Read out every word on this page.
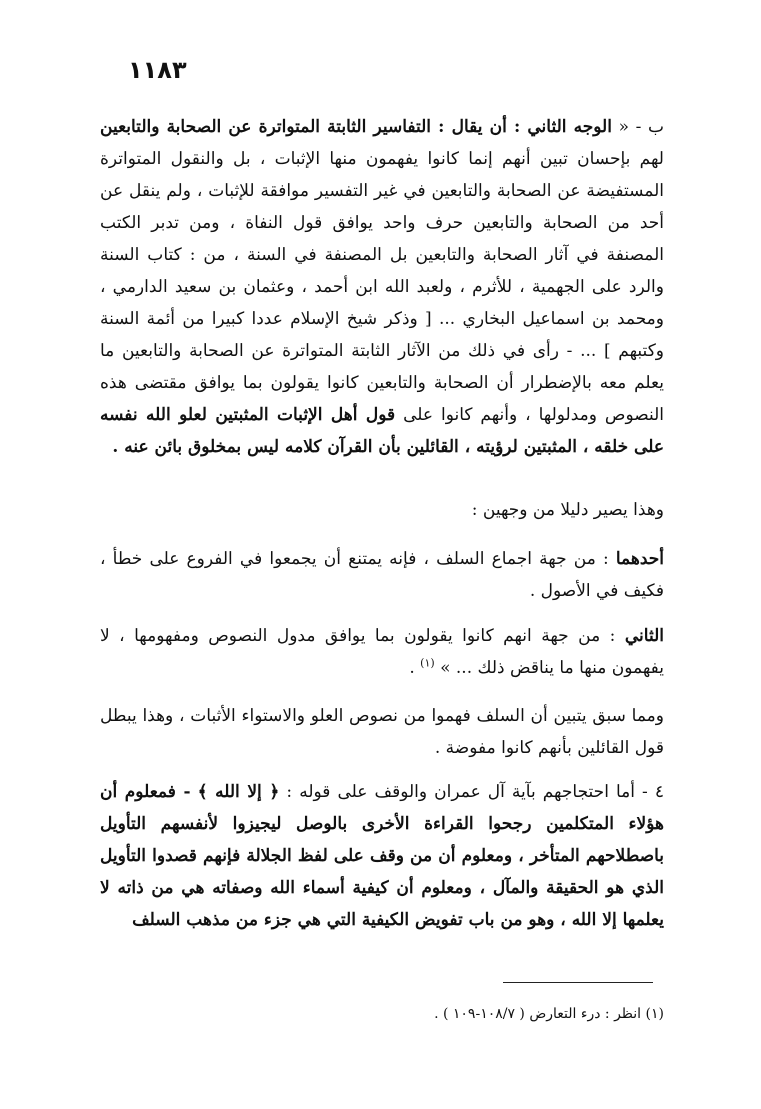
١١٨٣

ب - « الوجه الثاني : أن يقال : التفاسير الثابتة المتواترة عن الصحابة والتابعين لهم بإحسان تبين أنهم إنما كانوا يفهمون منها الإثبات ، بل والنقول المتواترة المستفيضة عن الصحابة والتابعين في غير التفسير موافقة للإثبات ، ولم ينقل عن أحد من الصحابة والتابعين حرف واحد يوافق قول النفاة ، ومن تدبر الكتب المصنفة في آثار الصحابة والتابعين بل المصنفة في السنة ، من : كتاب السنة والرد على الجهمية ، للأثرم ، ولعبد الله ابن أحمد ، وعثمان بن سعيد الدارمي ، ومحمد بن اسماعيل البخاري ... [ وذكر شيخ الإسلام عددا كبيرا من أئمة السنة وكتبهم ] ... - رأى في ذلك من الآثار الثابتة المتواترة عن الصحابة والتابعين ما يعلم معه بالإضطرار أن الصحابة والتابعين كانوا يقولون بما يوافق مقتضى هذه النصوص ومدلولها ، وأنهم كانوا على قول أهل الإثبات المثبتين لعلو الله نفسه على خلقه ، المثبتين لرؤيته ، القائلين بأن القرآن كلامه ليس بمخلوق بائن عنه .

وهذا يصير دليلا من وجهين :

أحدهما : من جهة اجماع السلف ، فإنه يمتنع أن يجمعوا في الفروع على خطأ ، فكيف في الأصول .

الثاني : من جهة انهم كانوا يقولون بما يوافق مدول النصوص ومفهومها ، لا يفهمون منها ما يناقض ذلك ... » $^{(١)}$ .

ومما سبق يتبين أن السلف فهموا من نصوص العلو والاستواء الأثبات ، وهذا يبطل قول القائلين بأنهم كانوا مفوضة .

٤ - أما احتجاجهم بآية آل عمران والوقف على قوله : ﴿ إلا الله ﴾ - فمعلوم أن هؤلاء المتكلمين رجحوا القراءة الأخرى بالوصل ليجيزوا لأنفسهم التأويل باصطلاحهم المتأخر ، ومعلوم أن من وقف على لفظ الجلالة فإنهم قصدوا التأويل الذي هو الحقيقة والمآل ، ومعلوم أن كيفية أسماء الله وصفاته هي من ذاته لا يعلمها إلا الله ، وهو من باب تفويض الكيفية التي هي جزء من مذهب السلف

(١) انظر : درء التعارض ( ١٠٨/٧-١٠٩ ) .
